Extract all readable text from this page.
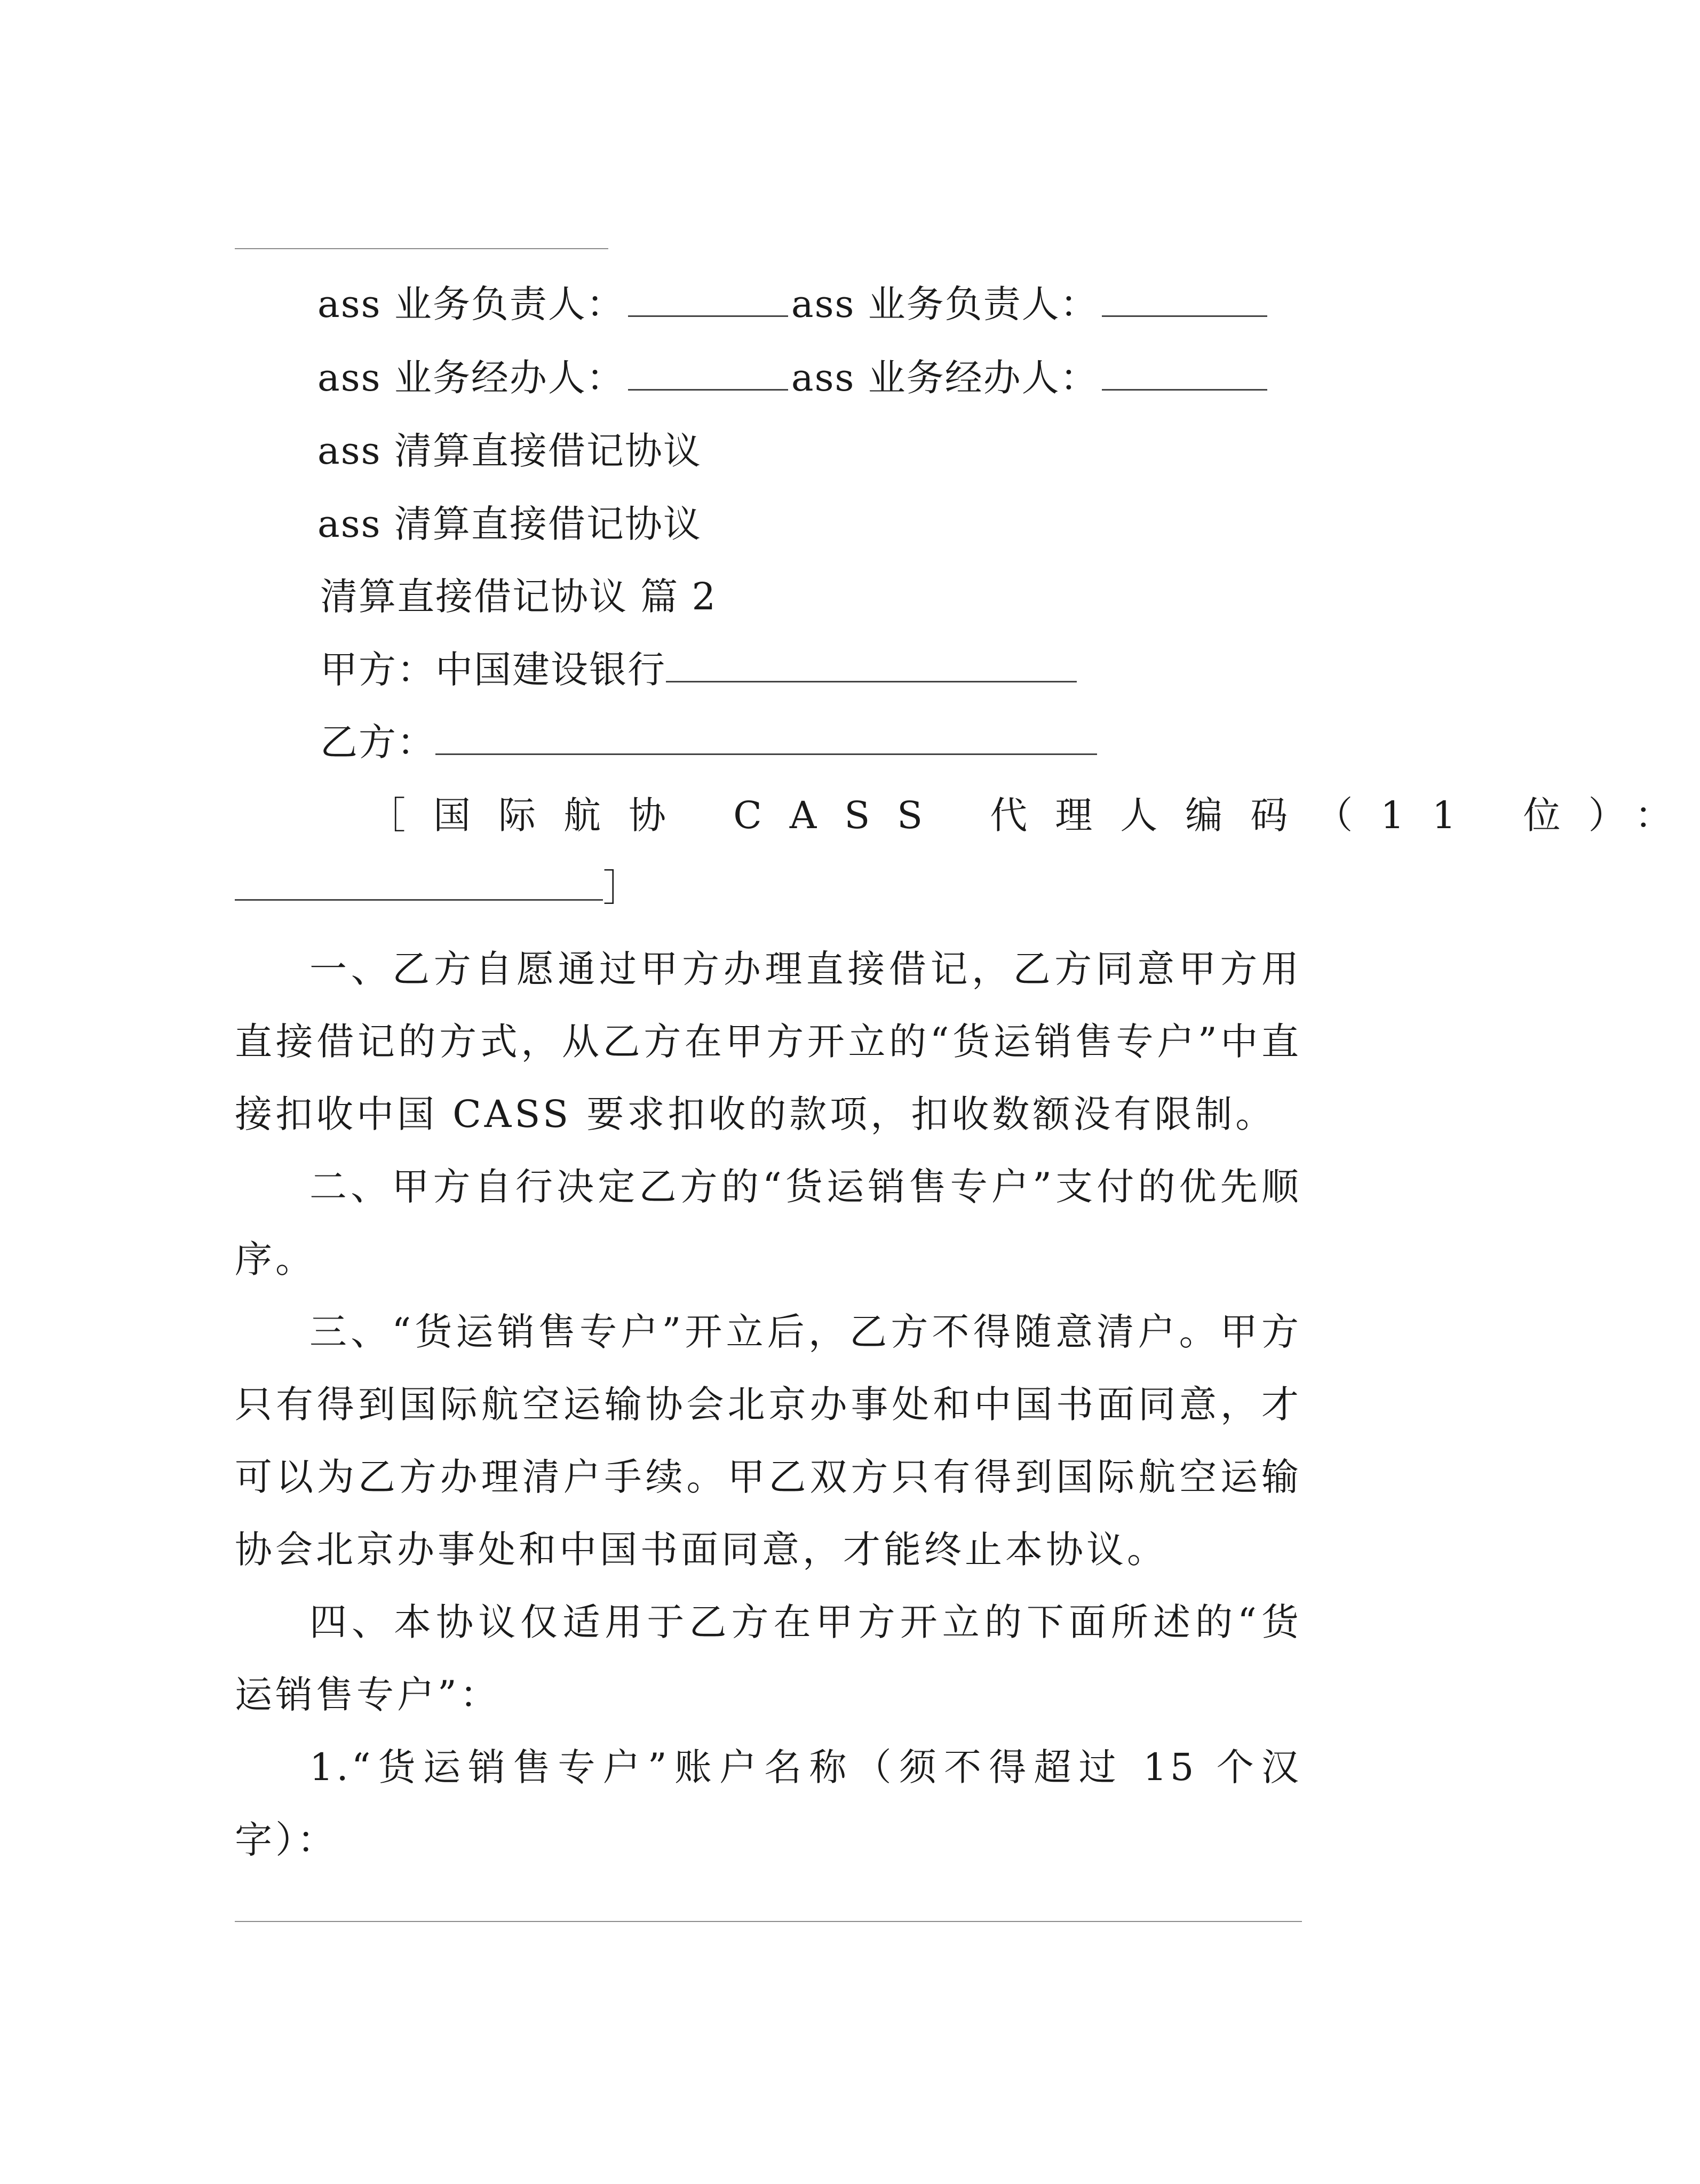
ass 业务负责人：	ass 业务负责人：
ass 业务经办人：	ass 业务经办人：
ass 清算直接借记协议
ass 清算直接借记协议
清算直接借记协议 篇 2
甲方：中国建设银行
乙方：
［国际航协 CASS 代理人编码（11 位）：
］

一、乙方自愿通过甲方办理直接借记，乙方同意甲方用直接借记的方式，从乙方在甲方开立的“货运销售专户”中直接扣收中国 CASS 要求扣收的款项，扣收数额没有限制。

二、甲方自行决定乙方的“货运销售专户”支付的优先顺序。

三、“货运销售专户”开立后，乙方不得随意清户。甲方只有得到国际航空运输协会北京办事处和中国书面同意，才可以为乙方办理清户手续。甲乙双方只有得到国际航空运输协会北京办事处和中国书面同意，才能终止本协议。

四、本协议仅适用于乙方在甲方开立的下面所述的“货运销售专户”：

1.“货运销售专户”账户名称（须不得超过 15 个汉字）：
